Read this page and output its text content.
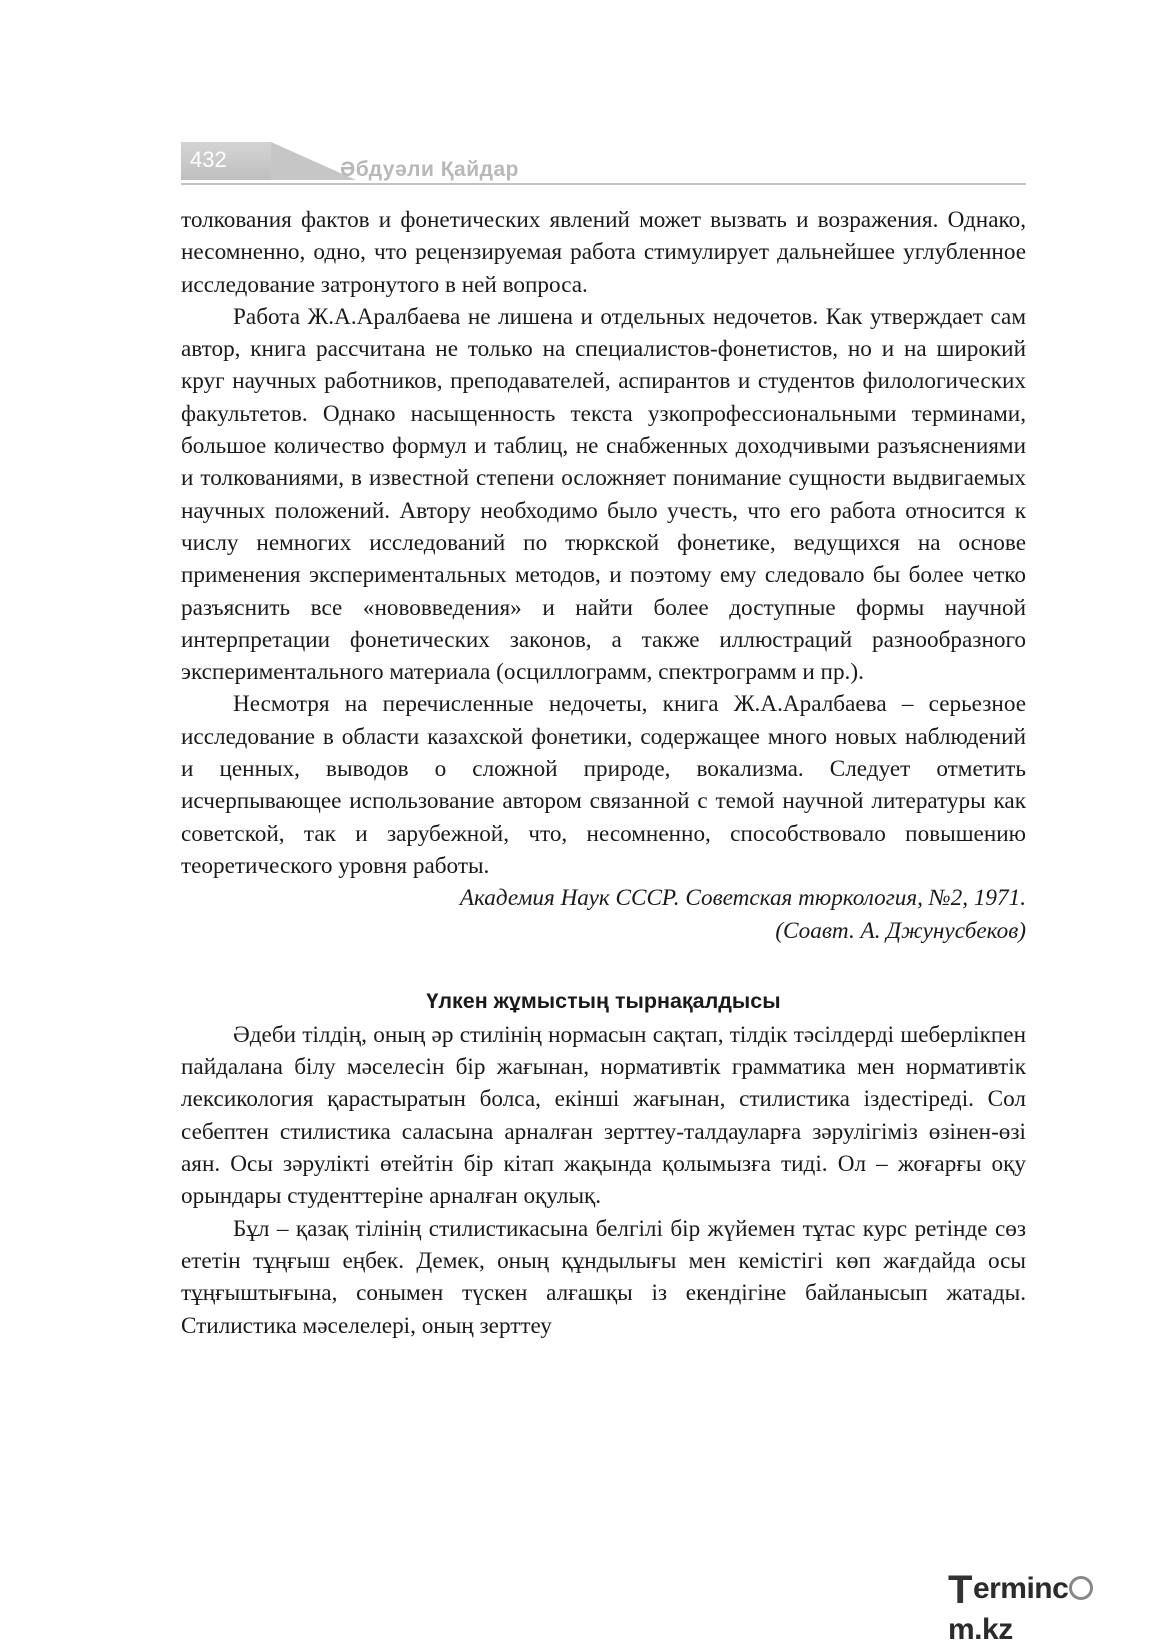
432	Әбдуәли Қайдар

толкования фактов и фонетических явлений может вызвать и возражения. Однако, несомненно, одно, что рецензируемая работа стимулирует дальнейшее углубленное исследование затронутого в ней вопроса.

Работа Ж.А.Аралбаева не лишена и отдельных недочетов. Как утверждает сам автор, книга рассчитана не только на специалистов-фонетистов, но и на широкий круг научных работников, преподавателей, аспирантов и студентов филологических факультетов. Однако насыщенность текста узкопрофессиональными терминами, большое количество формул и таблиц, не снабженных доходчивыми разъяснениями и толкованиями, в известной степени осложняет понимание сущности выдвигаемых научных положений. Автору необходимо было учесть, что его работа относится к числу немногих исследований по тюркской фонетике, ведущихся на основе применения экспериментальных методов, и поэтому ему следовало бы более четко разъяснить все «нововведения» и найти более доступные формы научной интерпретации фонетических законов, а также иллюстраций разнообразного экспериментального материала (осциллограмм, спектрограмм и пр.).

Несмотря на перечисленные недочеты, книга Ж.А.Аралбаева – серьезное исследование в области казахской фонетики, содержащее много новых наблюдений и ценных, выводов о сложной природе, вокализма. Следует отметить исчерпывающее использование автором связанной с темой научной литературы как советской, так и зарубежной, что, несомненно, способствовало повышению теоретического уровня работы.

Академия Наук СССР. Советская тюркология, №2, 1971.

(Соавт. А. Джунусбеков)

Үлкен жұмыстың тырнақалдысы

Әдеби тілдің, оның әр стилінің нормасын сақтап, тілдік тәсілдерді шеберлікпен пайдалана білу мәселесін бір жағынан, нормативтік грамматика мен нормативтік лексикология қарастыратын болса, екінші жағынан, стилистика іздестіреді. Сол себептен стилистика саласына арналған зерттеу-талдауларға зәрулігіміз өзінен-өзі аян. Осы зәрулікті өтейтін бір кітап жақында қолымызға тиді. Ол – жоғарғы оқу орындары студенттеріне арналған оқулық.

Бұл – қазақ тілінің стилистикасына белгілі бір жүйемен тұтас курс ретінде сөз ететін тұңғыш еңбек. Демек, оның құндылығы мен кемістігі көп жағдайда осы тұңғыштығына, сонымен түскен алғашқы із екендігіне байланысып жатады. Стилистика мәселелері, оның зерттеу

Termincm.kz
